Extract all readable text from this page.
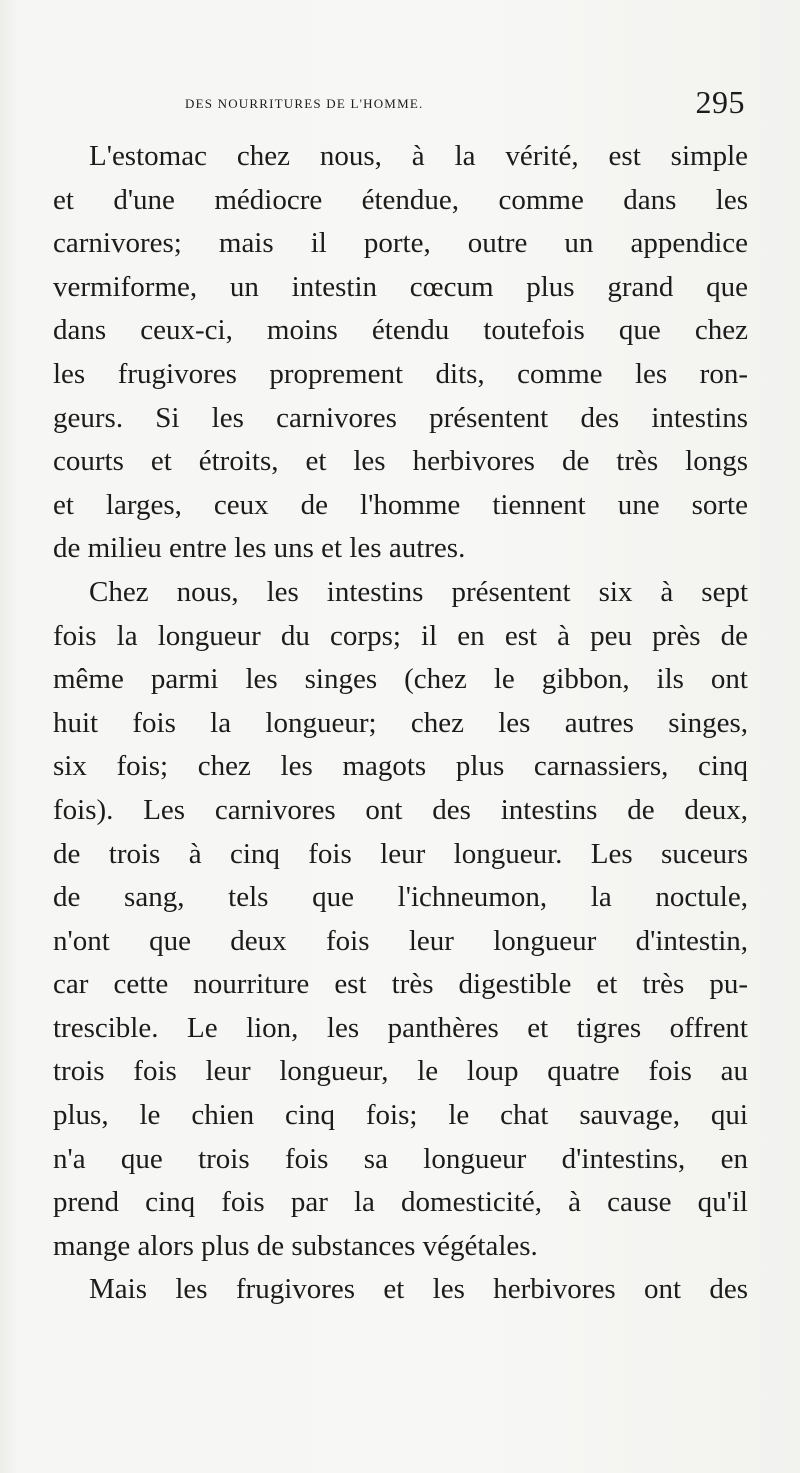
des nourritures de l'homme.	295
L'estomac chez nous, à la vérité, est simple
et d'une médiocre étendue, comme dans les
carnivores; mais il porte, outre un appendice
vermiforme, un intestin cœcum plus grand que
dans ceux-ci, moins étendu toutefois que chez
les frugivores proprement dits, comme les ron-
geurs. Si les carnivores présentent des intestins
courts et étroits, et les herbivores de très longs
et larges, ceux de l'homme tiennent une sorte
de milieu entre les uns et les autres.
Chez nous, les intestins présentent six à sept
fois la longueur du corps; il en est à peu près de
même parmi les singes (chez le gibbon, ils ont
huit fois la longueur; chez les autres singes,
six fois; chez les magots plus carnassiers, cinq
fois). Les carnivores ont des intestins de deux,
de trois à cinq fois leur longueur. Les suceurs
de sang, tels que l'ichneumon, la noctule,
n'ont que deux fois leur longueur d'intestin,
car cette nourriture est très digestible et très pu-
trescible. Le lion, les panthères et tigres offrent
trois fois leur longueur, le loup quatre fois au
plus, le chien cinq fois; le chat sauvage, qui
n'a que trois fois sa longueur d'intestins, en
prend cinq fois par la domesticité, à cause qu'il
mange alors plus de substances végétales.
Mais les frugivores et les herbivores ont des
